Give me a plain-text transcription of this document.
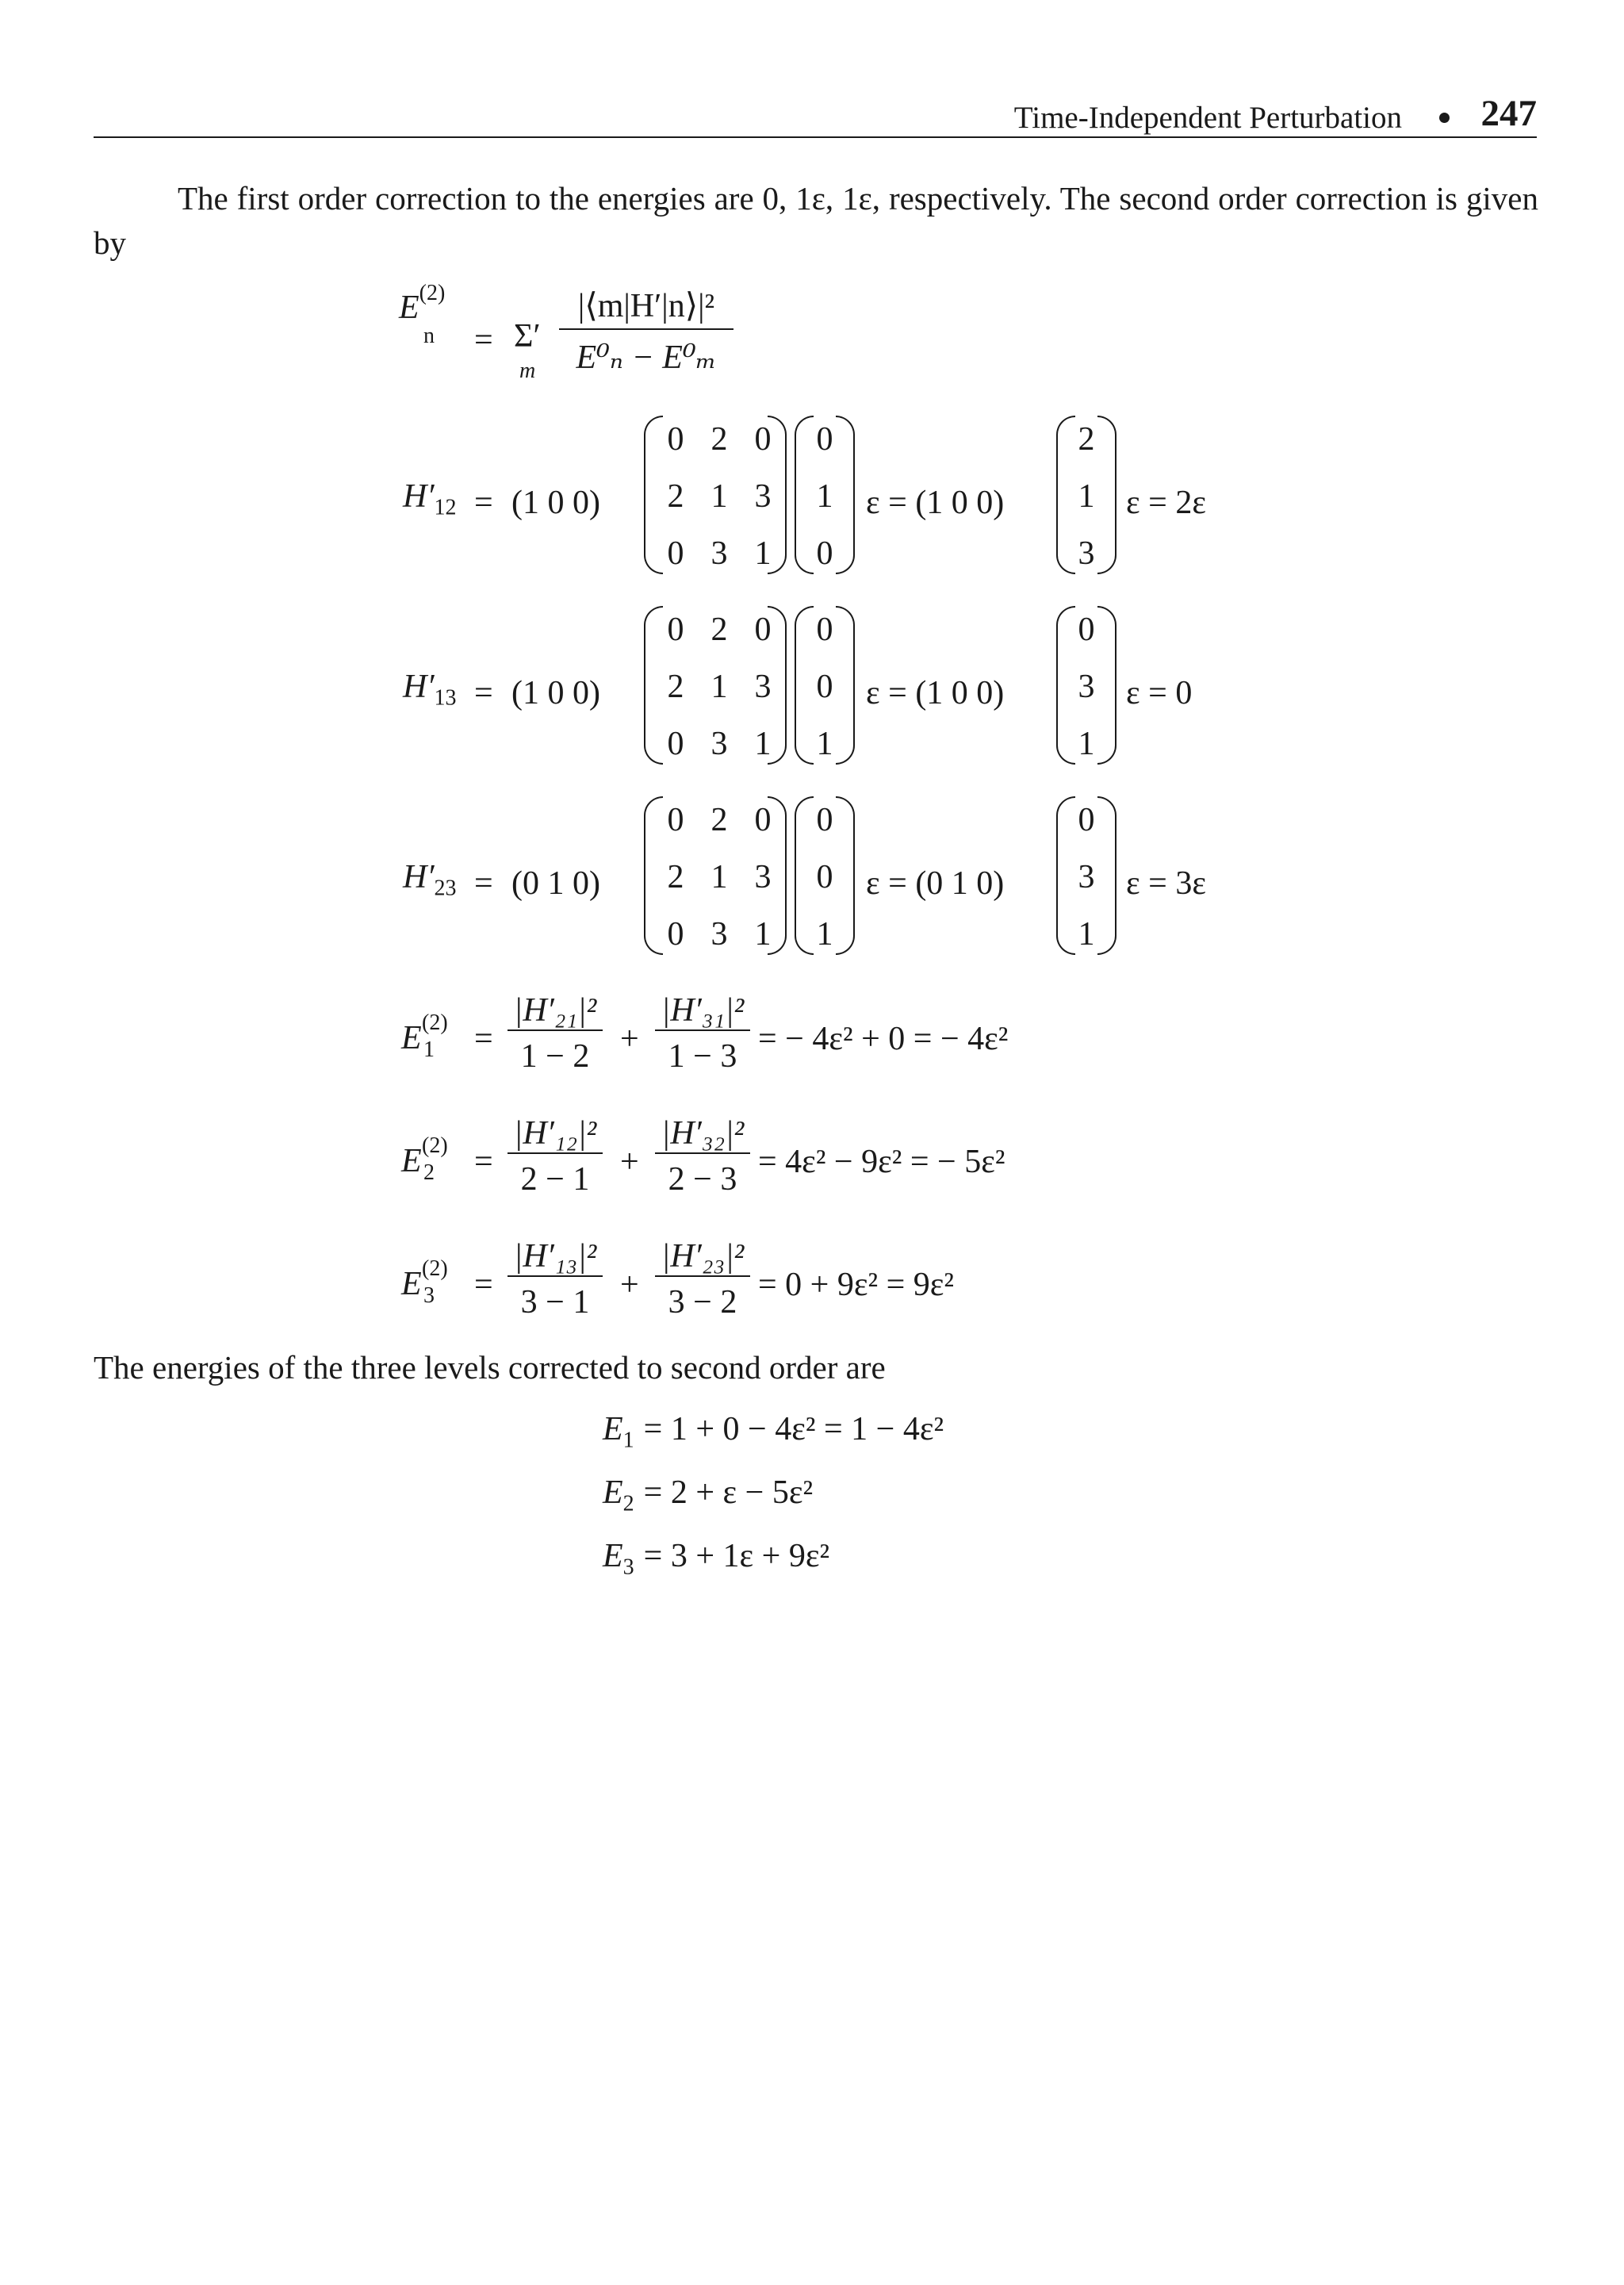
Time-Independent Perturbation 247
The first order correction to the energies are 0, 1ε, 1ε, respectively. The second order correction is given by
$E^{(2)}$
n = Σ′
m
|⟨m|H′|n⟩|²
E⁰ₙ − E⁰ₘ
$H'_{12} = (1$ 0 0)
0 2 0
2 1 3
0 3 1
0
1
0
ε = (1 0 0)
2
1
3
ε = 2ε
$H'_{13} = (1$ 0 0)
0 2 0
2 1 3
0 3 1
0
0
1
ε = (1 0 0)
0
3
1
ε = 0
$H'_{23} = (0$ 1 0)
0 2 0
2 1 3
0 3 1
0
0
1
ε = (0 1 0)
0
3
1
ε = 3ε
E (2)
1 =
|H′₂₁|²
1 − 2 +
|H′₃₁|²
1 − 3 = − 4ε² + 0 = − 4ε²
E (2)
2 =
|H′₁₂|²
2 − 1 +
|H′₃₂|²
2 − 3 = 4ε² − 9ε² = − 5ε²
E (2)
3 =
|H′₁₃|²
3 − 1 +
|H′₂₃|²
3 − 2 = 0 + 9ε² = 9ε²
The energies of the three levels corrected to second order are
$E_1 = 1 + 0 - 4\varepsilon^2 = 1 - 4\varepsilon^2$
$E_2 = 2 + \varepsilon - 5\varepsilon^2$
$E_3 = 3 + 1\varepsilon + 9\varepsilon^2$
